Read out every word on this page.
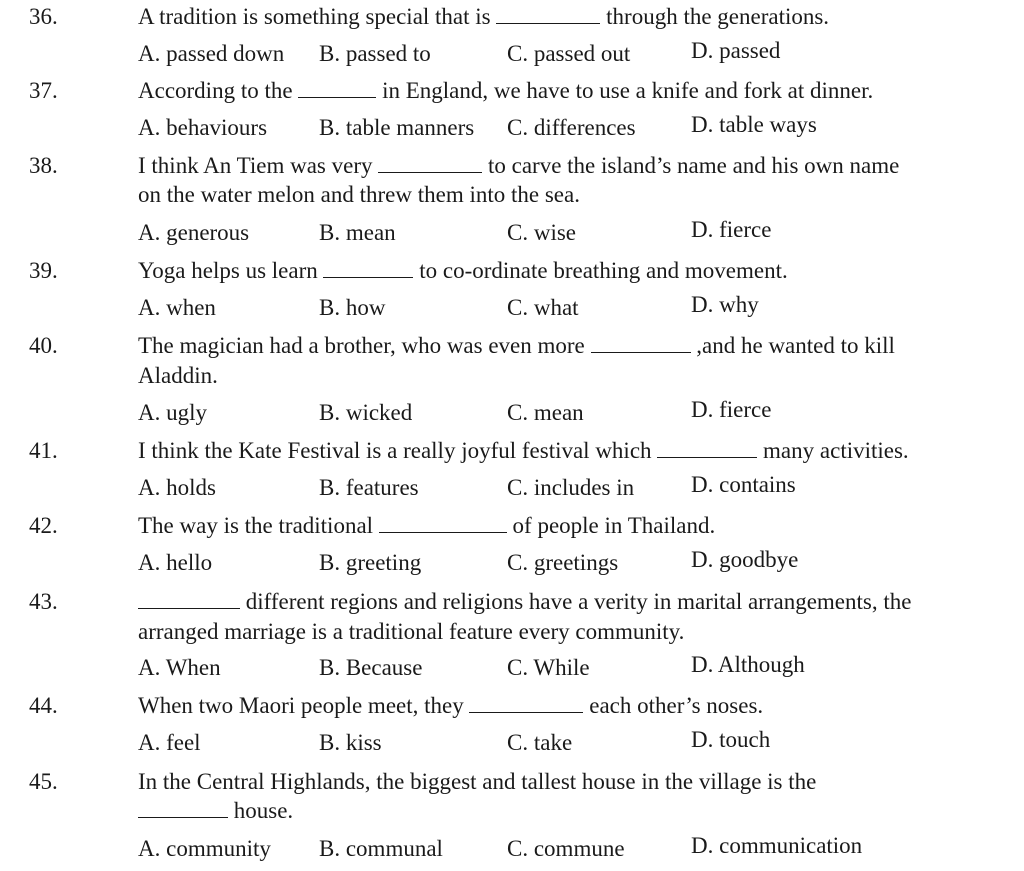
36.	A tradition is something special that is	through the generations.
A. passed down B. passed to	C. passed out	D. passed
37.	According to the	in England, we have to use a knife and fork at dinner.
A. behaviours B. table manners C. differences D. table ways
38.	I think An Tiem was very	to carve the island’s name and his own name
on the water melon and threw them into the sea.
A. generous	B. mean	C. wise	D. fierce
39.	Yoga helps us learn	to co-ordinate breathing and movement.
A. when	B. how	C. what	D. why
40.	The magician had a brother, who was even more	,and he wanted to kill
Aladdin.
A. ugly	B. wicked	C. mean	D. fierce
41.	I think the Kate Festival is a really joyful festival which	many activities.
A. holds	B. features	C. includes in D. contains
42.	The way is the traditional	of people in Thailand.
A. hello	B. greeting	C. greetings	D. goodbye
43.	different regions and religions have a verity in marital arrangements, the
arranged marriage is a traditional feature every community.
A. When	B. Because	C. While	D. Although
44.	When two Maori people meet, they	each other’s noses.
A. feel	B. kiss	C. take	D. touch
45.	In the Central Highlands, the biggest and tallest house in the village is the
house.
A. community B. communal	C. commune	D. communication
